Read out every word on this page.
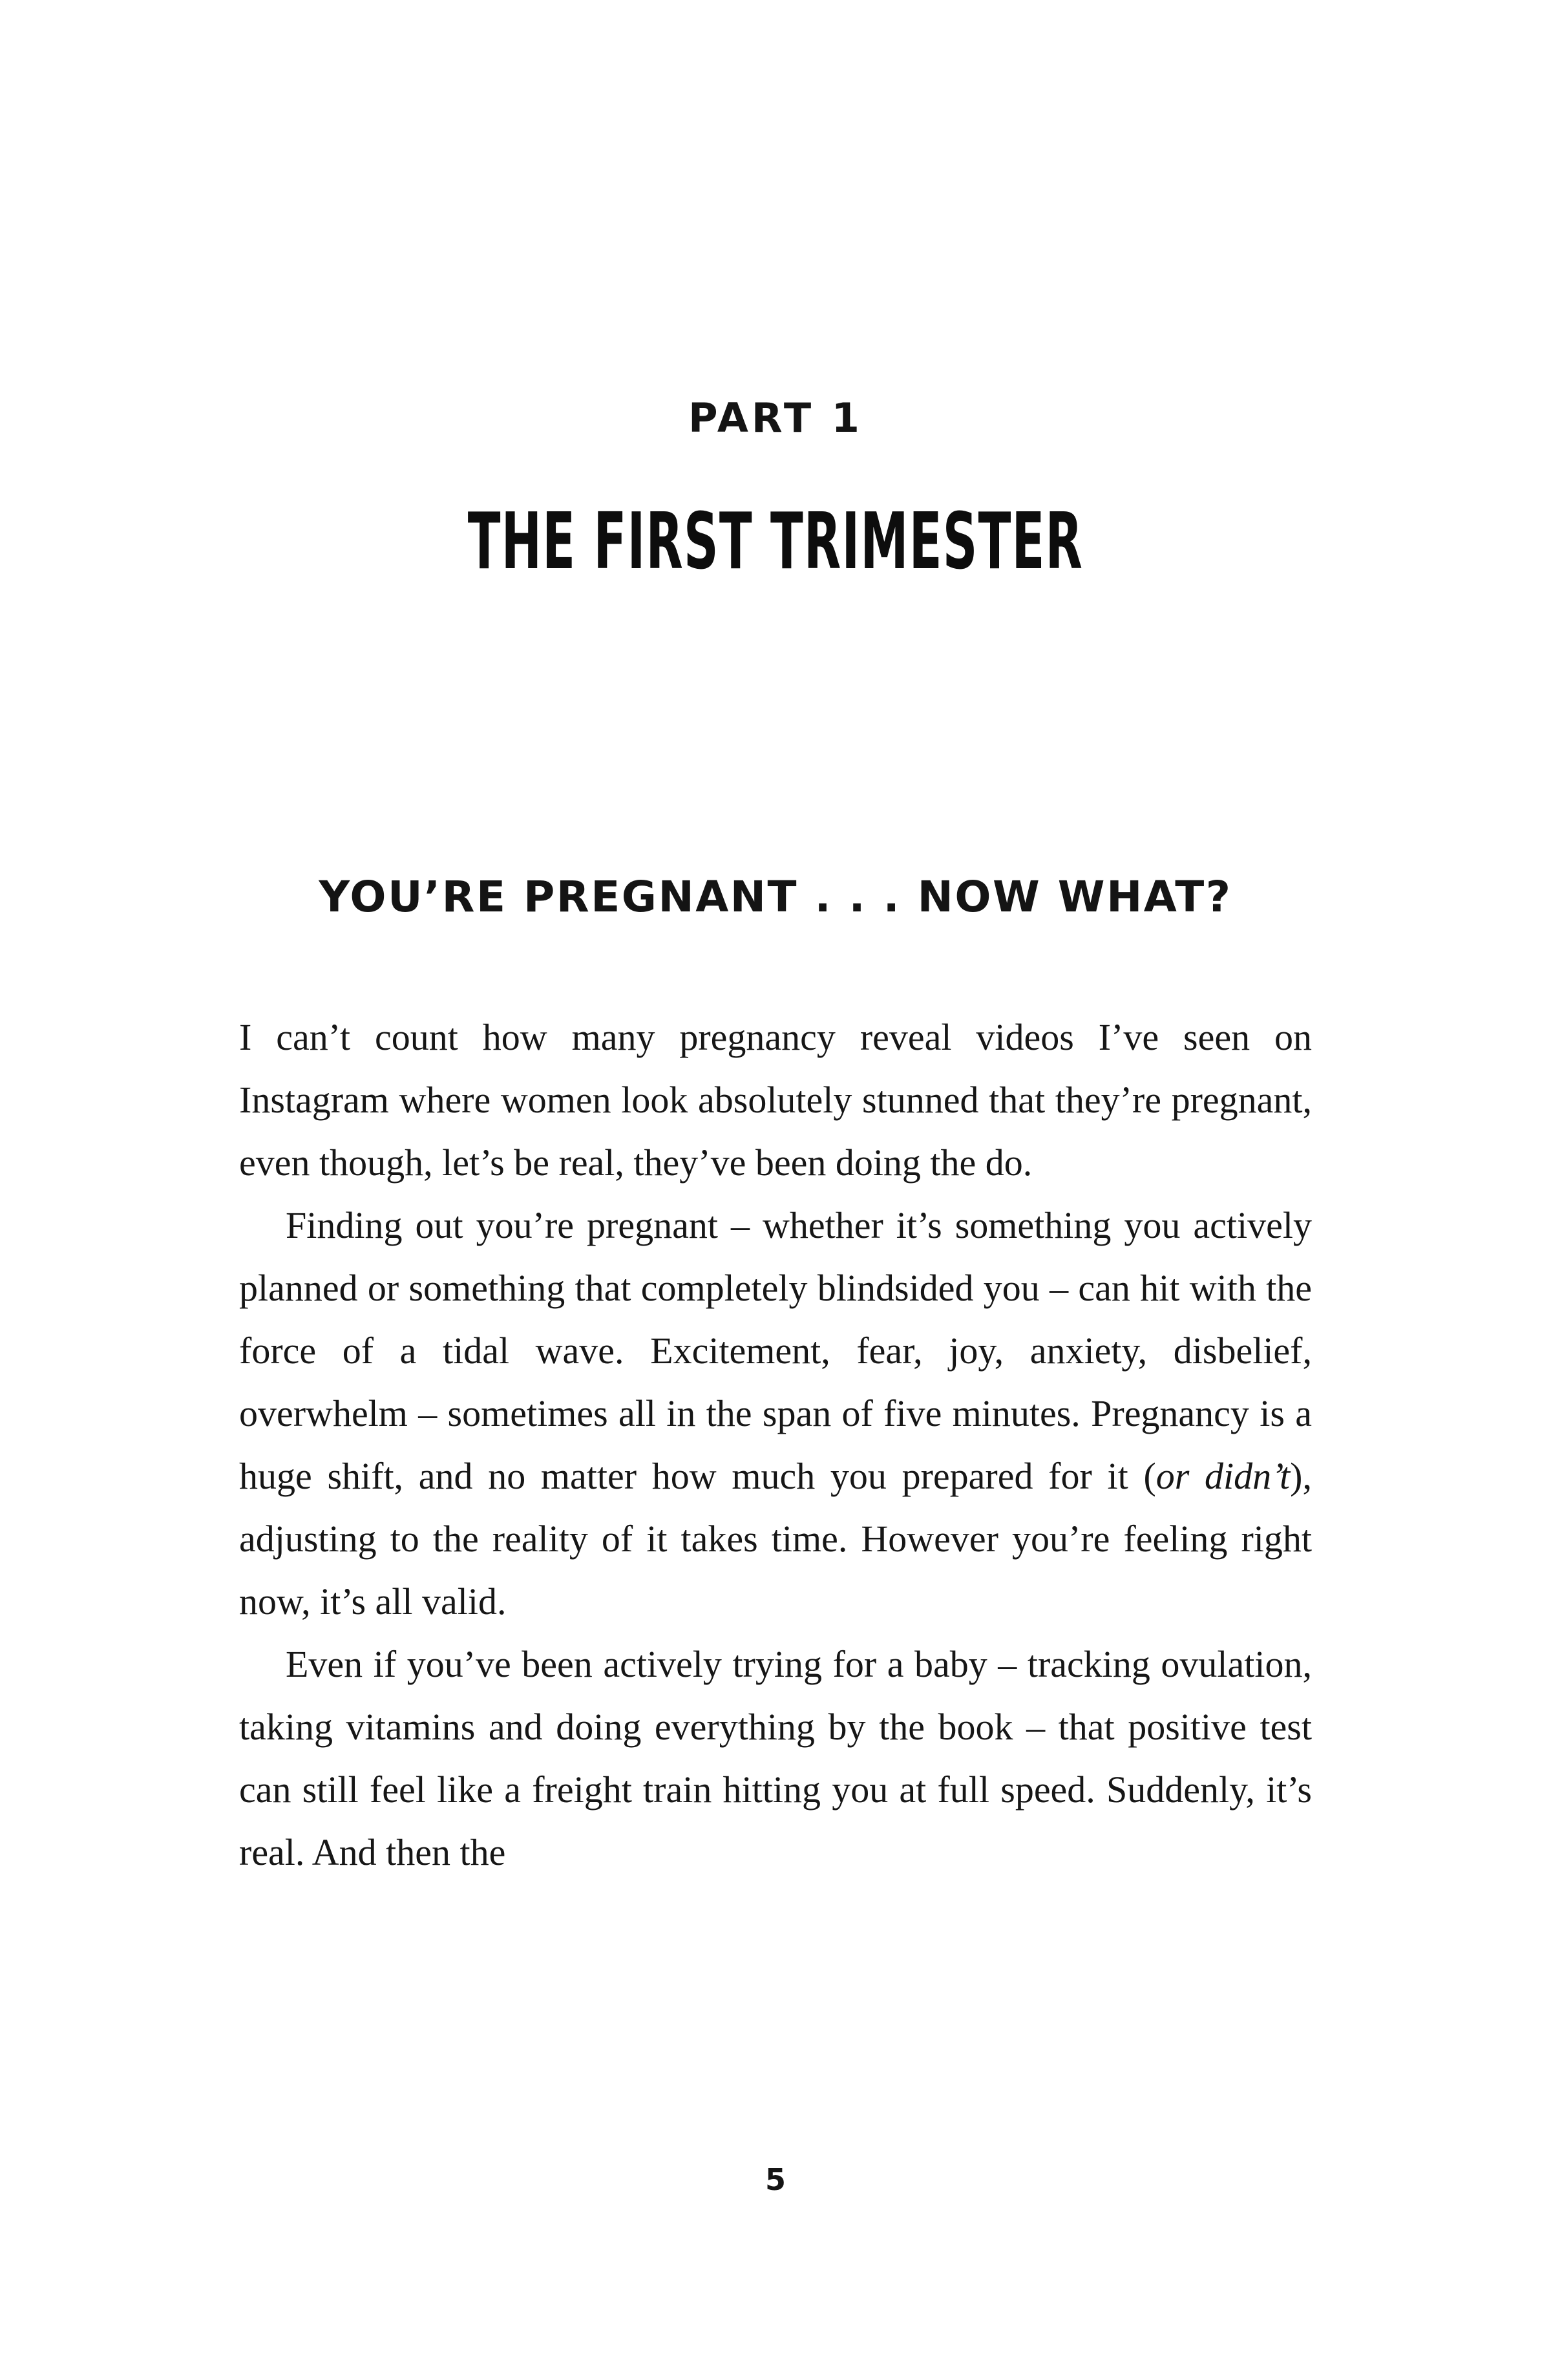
PART 1
THE FIRST TRIMESTER
YOU’RE PREGNANT . . . NOW WHAT?

I can’t count how many pregnancy reveal videos I’ve seen on Instagram where women look absolutely stunned that they’re pregnant, even though, let’s be real, they’ve been doing the do.

Finding out you’re pregnant – whether it’s something you actively planned or something that completely blindsided you – can hit with the force of a tidal wave. Excitement, fear, joy, anxiety, disbelief, overwhelm – sometimes all in the span of five minutes. Pregnancy is a huge shift, and no matter how much you prepared for it (or didn’t), adjusting to the reality of it takes time. However you’re feeling right now, it’s all valid.

Even if you’ve been actively trying for a baby – tracking ovulation, taking vitamins and doing everything by the book – that positive test can still feel like a freight train hitting you at full speed. Suddenly, it’s real. And then the

5
